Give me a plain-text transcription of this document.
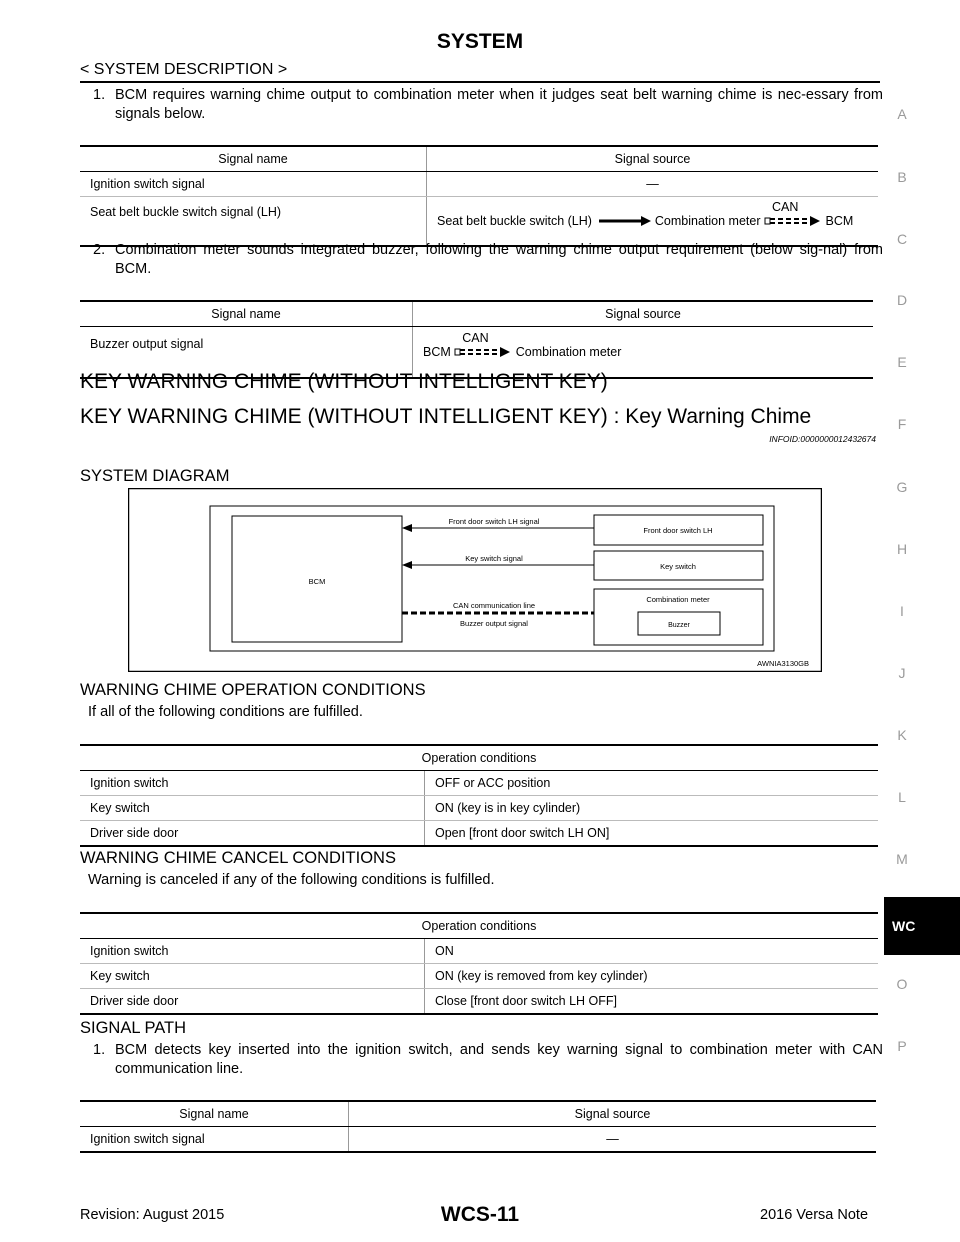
SYSTEM
< SYSTEM DESCRIPTION >
A
B
C
D
E
F
G
H
I
J
K
L
M
O
P
WC
1. BCM requires warning chime output to combination meter when it judges seat belt warning chime is nec-essary from signals below.
Signal name	Signal source
Ignition switch signal	—
Seat belt buckle switch signal (LH)	Seat belt buckle switch (LH) Combination meter
CAN
BCM
2. Combination meter sounds integrated buzzer, following the warning chime output requirement (below sig-nal) from BCM.
Signal name	Signal source
Buzzer output signal	BCM
CAN
Combination meter
KEY WARNING CHIME (WITHOUT INTELLIGENT KEY)
KEY WARNING CHIME (WITHOUT INTELLIGENT KEY) : Key Warning Chime
INFOID:0000000012432674
SYSTEM DIAGRAM
BCM
Front door switch LH
Key switch
Combination meter
Buzzer
Front door switch LH signal
Key switch signal
CAN communication line
Buzzer output signal
AWNIA3130GB
WARNING CHIME OPERATION CONDITIONS
If all of the following conditions are fulfilled.
Operation conditions	
Ignition switch	OFF or ACC position
Key switch	ON (key is in key cylinder)
Driver side door	Open [front door switch LH ON]
WARNING CHIME CANCEL CONDITIONS
Warning is canceled if any of the following conditions is fulfilled.
Operation conditions	
Ignition switch	ON
Key switch	ON (key is removed from key cylinder)
Driver side door	Close [front door switch LH OFF]
SIGNAL PATH
1. BCM detects key inserted into the ignition switch, and sends key warning signal to combination meter with CAN communication line.
Signal name	Signal source
Ignition switch signal	—
Revision: August 2015	WCS-11	2016 Versa Note
